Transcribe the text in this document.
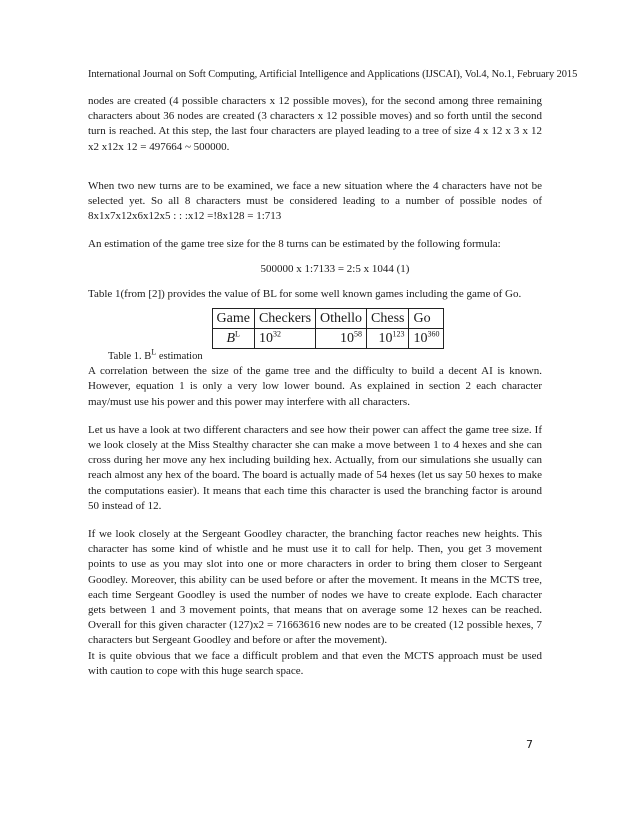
International Journal on Soft Computing, Artificial Intelligence and Applications (IJSCAI), Vol.4, No.1, February 2015

nodes are created (4 possible characters x 12 possible moves), for the second among three remaining characters about 36 nodes are created (3 characters x 12 possible moves) and so forth until the second turn is reached. At this step, the last four characters are played leading to a tree of size 4 x 12 x 3 x 12 x2 x12x 12 = 497664 ~ 500000.

When two new turns are to be examined, we face a new situation where the 4 characters have not be selected yet. So all 8 characters must be considered leading to a number of possible nodes of 8x1x7x12x6x12x5 : : :x12 =!8x128 = 1:713

An estimation of the game tree size for the 8 turns can be estimated by the following formula:

500000 x 1:7133 = 2:5 x 1044 (1)

Table 1(from [2]) provides the value of BL for some well known games including the game of Go.

Game	Checkers	Othello	Chess	Go
$B^L$	$10^{32}$	$10^{58}$	$10^{123}$	$10^{360}$

Table 1. $B^L$ estimation

A correlation between the size of the game tree and the difficulty to build a decent AI is known. However, equation 1 is only a very low lower bound. As explained in section 2 each character may/must use his power and this power may interfere with all characters.

Let us have a look at two different characters and see how their power can affect the game tree size. If we look closely at the Miss Stealthy character she can make a move between 1 to 4 hexes and she can cross during her move any hex including building hex. Actually, from our simulations she usually can reach almost any hex of the board. The board is actually made of 54 hexes (let us say 50 hexes to make the computations easier). It means that each time this character is used the branching factor is around 50 instead of 12.

If we look closely at the Sergeant Goodley character, the branching factor reaches new heights. This character has some kind of whistle and he must use it to call for help. Then, you get 3 movement points to use as you may slot into one or more characters in order to bring them closer to Sergeant Goodley. Moreover, this ability can be used before or after the movement. It means in the MCTS tree, each time Sergeant Goodley is used the number of nodes we have to create explode. Each character gets between 1 and 3 movement points, that means that on average some 12 hexes can be reached. Overall for this given character (127)x2 = 71663616 new nodes are to be created (12 possible hexes, 7 characters but Sergeant Goodley and before or after the movement).

It is quite obvious that we face a difficult problem and that even the MCTS approach must be used with caution to cope with this huge search space.

7
